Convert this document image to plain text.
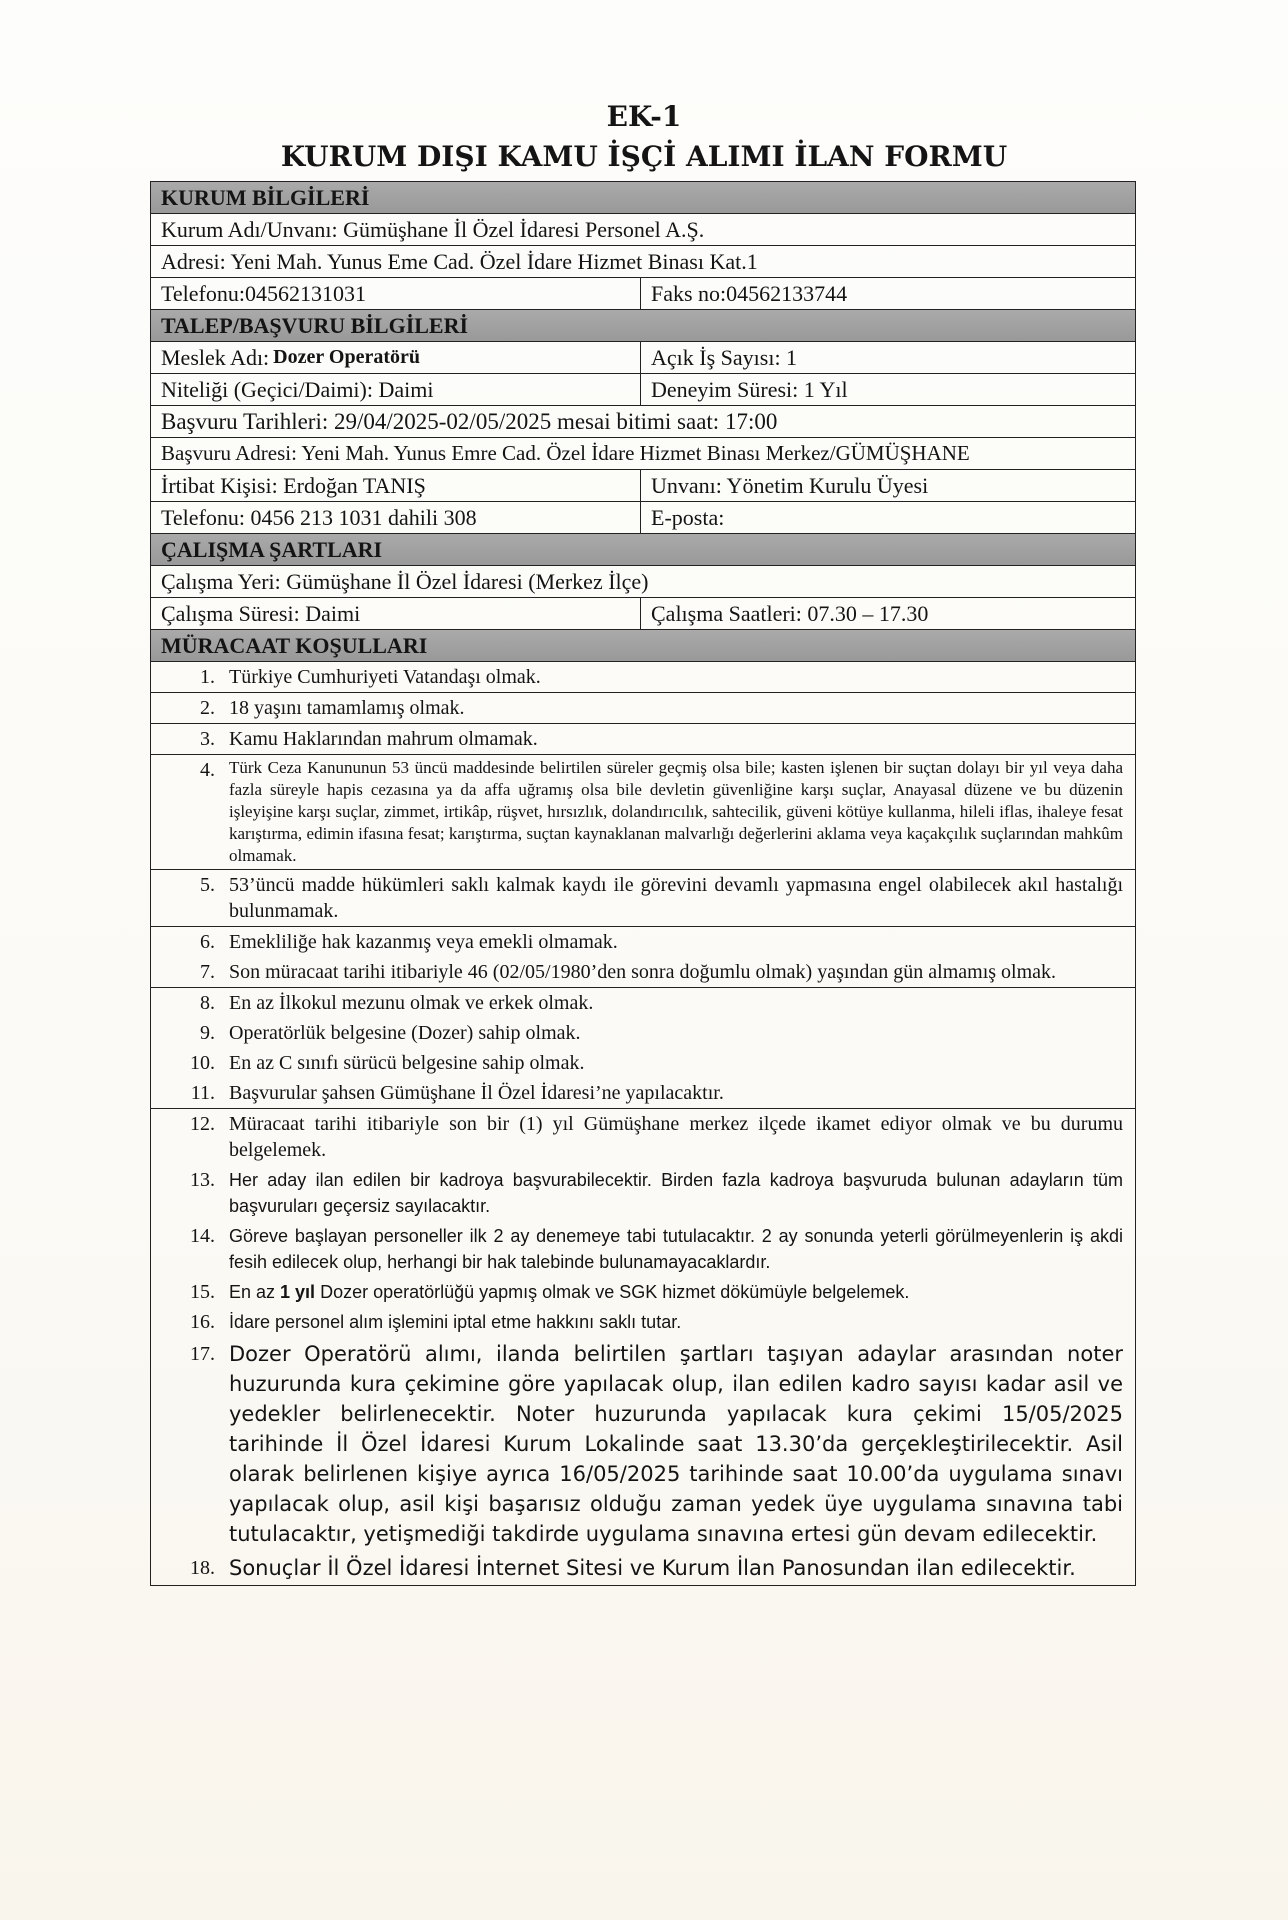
EK-1
KURUM DIŞI KAMU İŞÇİ ALIMI İLAN FORMU
KURUM BİLGİLERİ
Kurum Adı/Unvanı: Gümüşhane İl Özel İdaresi Personel A.Ş.
Adresi: Yeni Mah. Yunus Eme Cad. Özel İdare Hizmet Binası Kat.1
Telefonu:04562131031	Faks no:04562133744
TALEP/BAŞVURU BİLGİLERİ
Meslek Adı: Dozer Operatörü	Açık İş Sayısı: 1
Niteliği (Geçici/Daimi): Daimi	Deneyim Süresi: 1 Yıl
Başvuru Tarihleri: 29/04/2025-02/05/2025 mesai bitimi saat: 17:00
Başvuru Adresi: Yeni Mah. Yunus Emre Cad. Özel İdare Hizmet Binası Merkez/GÜMÜŞHANE
İrtibat Kişisi: Erdoğan TANIŞ	Unvanı: Yönetim Kurulu Üyesi
Telefonu: 0456 213 1031 dahili 308	E-posta:
ÇALIŞMA ŞARTLARI
Çalışma Yeri: Gümüşhane İl Özel İdaresi (Merkez İlçe)
Çalışma Süresi: Daimi	Çalışma Saatleri: 07.30 – 17.30
MÜRACAAT KOŞULLARI
1. Türkiye Cumhuriyeti Vatandaşı olmak.
2. 18 yaşını tamamlamış olmak.
3. Kamu Haklarından mahrum olmamak.
4. Türk Ceza Kanununun 53 üncü maddesinde belirtilen süreler geçmiş olsa bile; kasten işlenen bir suçtan dolayı bir yıl veya daha fazla süreyle hapis cezasına ya da affa uğramış olsa bile devletin güvenliğine karşı suçlar, Anayasal düzene ve bu düzenin işleyişine karşı suçlar, zimmet, irtikâp, rüşvet, hırsızlık, dolandırıcılık, sahtecilik, güveni kötüye kullanma, hileli iflas, ihaleye fesat karıştırma, edimin ifasına fesat; karıştırma, suçtan kaynaklanan malvarlığı değerlerini aklama veya kaçakçılık suçlarından mahkûm olmamak.
5. 53’üncü madde hükümleri saklı kalmak kaydı ile görevini devamlı yapmasına engel olabilecek akıl hastalığı bulunmamak.
6. Emekliliğe hak kazanmış veya emekli olmamak.
7. Son müracaat tarihi itibariyle 46 (02/05/1980’den sonra doğumlu olmak) yaşından gün almamış olmak.
8. En az İlkokul mezunu olmak ve erkek olmak.
9. Operatörlük belgesine (Dozer) sahip olmak.
10. En az C sınıfı sürücü belgesine sahip olmak.
11. Başvurular şahsen Gümüşhane İl Özel İdaresi’ne yapılacaktır.
12. Müracaat tarihi itibariyle son bir (1) yıl Gümüşhane merkez ilçede ikamet ediyor olmak ve bu durumu belgelemek.
13. Her aday ilan edilen bir kadroya başvurabilecektir. Birden fazla kadroya başvuruda bulunan adayların tüm başvuruları geçersiz sayılacaktır.
14. Göreve başlayan personeller ilk 2 ay denemeye tabi tutulacaktır. 2 ay sonunda yeterli görülmeyenlerin iş akdi fesih edilecek olup, herhangi bir hak talebinde bulunamayacaklardır.
15. En az 1 yıl Dozer operatörlüğü yapmış olmak ve SGK hizmet dökümüyle belgelemek.
16. İdare personel alım işlemini iptal etme hakkını saklı tutar.
17. Dozer Operatörü alımı, ilanda belirtilen şartları taşıyan adaylar arasından noter huzurunda kura çekimine göre yapılacak olup, ilan edilen kadro sayısı kadar asil ve yedekler belirlenecektir. Noter huzurunda yapılacak kura çekimi 15/05/2025 tarihinde İl Özel İdaresi Kurum Lokalinde saat 13.30’da gerçekleştirilecektir. Asil olarak belirlenen kişiye ayrıca 16/05/2025 tarihinde saat 10.00’da uygulama sınavı yapılacak olup, asil kişi başarısız olduğu zaman yedek üye uygulama sınavına tabi tutulacaktır, yetişmediği takdirde uygulama sınavına ertesi gün devam edilecektir.
18. Sonuçlar İl Özel İdaresi İnternet Sitesi ve Kurum İlan Panosundan ilan edilecektir.
